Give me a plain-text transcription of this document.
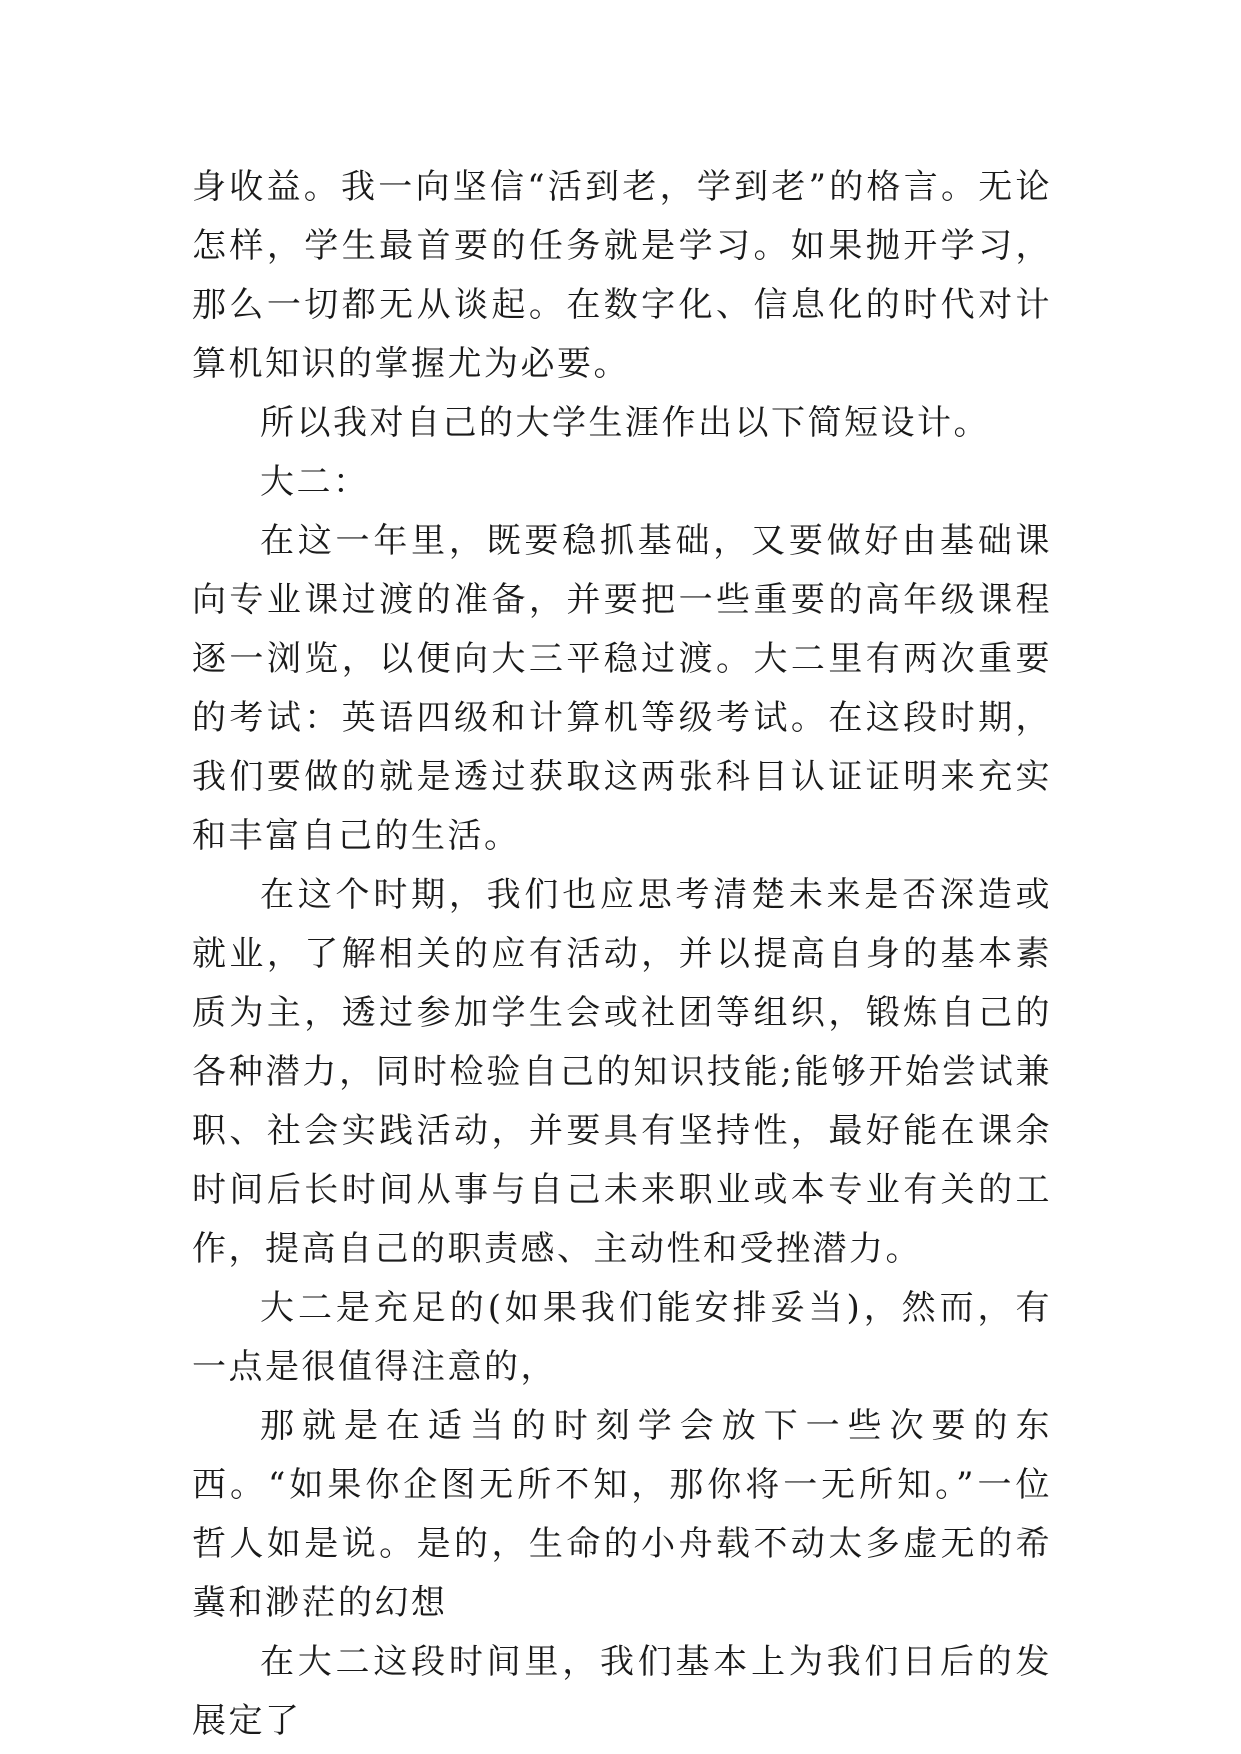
身收益。我一向坚信“活到老，学到老”的格言。无论怎样，学生最首要的任务就是学习。如果抛开学习，那么一切都无从谈起。在数字化、信息化的时代对计算机知识的掌握尤为必要。

所以我对自己的大学生涯作出以下简短设计。

大二：

在这一年里，既要稳抓基础，又要做好由基础课向专业课过渡的准备，并要把一些重要的高年级课程逐一浏览，以便向大三平稳过渡。大二里有两次重要的考试：英语四级和计算机等级考试。在这段时期，我们要做的就是透过获取这两张科目认证证明来充实和丰富自己的生活。

在这个时期，我们也应思考清楚未来是否深造或就业，了解相关的应有活动，并以提高自身的基本素质为主，透过参加学生会或社团等组织，锻炼自己的各种潜力，同时检验自己的知识技能;能够开始尝试兼职、社会实践活动，并要具有坚持性，最好能在课余时间后长时间从事与自己未来职业或本专业有关的工作，提高自己的职责感、主动性和受挫潜力。

大二是充足的(如果我们能安排妥当)，然而，有一点是很值得注意的，

那就是在适当的时刻学会放下一些次要的东西。“如果你企图无所不知，那你将一无所知。”一位哲人如是说。是的，生命的小舟载不动太多虚无的希冀和渺茫的幻想

在大二这段时间里，我们基本上为我们日后的发展定了
